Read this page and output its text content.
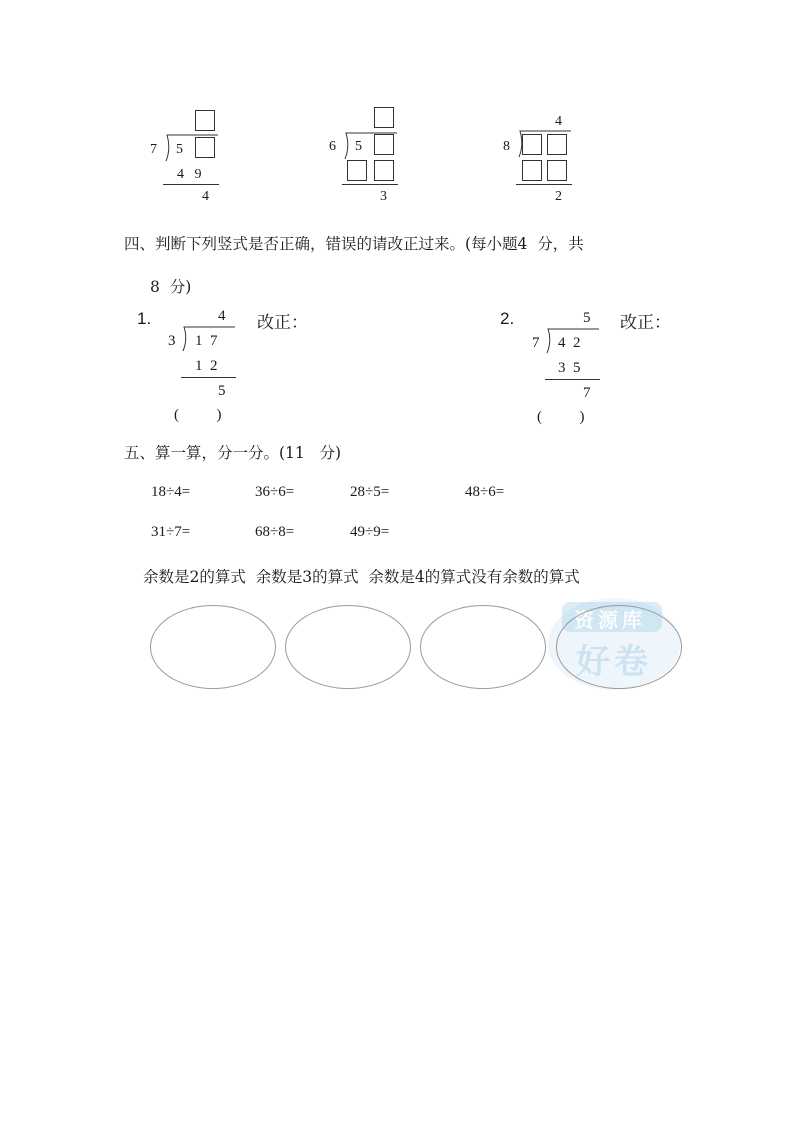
7 5
4   9
4
6 5
3
4
8
2
四、判断下列竖式是否正确，错误的请改正过来。(每小题4  分，共
8  分)
1.	4
3 1  7
1  2
5
(          )
改正：	2.	5
7 4  2
3  5
7
(          )
改正：
五、算一算，分一分。(11   分)
18÷4=	36÷6=	28÷5=	48÷6=
31÷7=	68÷8=	49÷9=
余数是2的算式  余数是3的算式  余数是4的算式没有余数的算式
资源库
好卷
